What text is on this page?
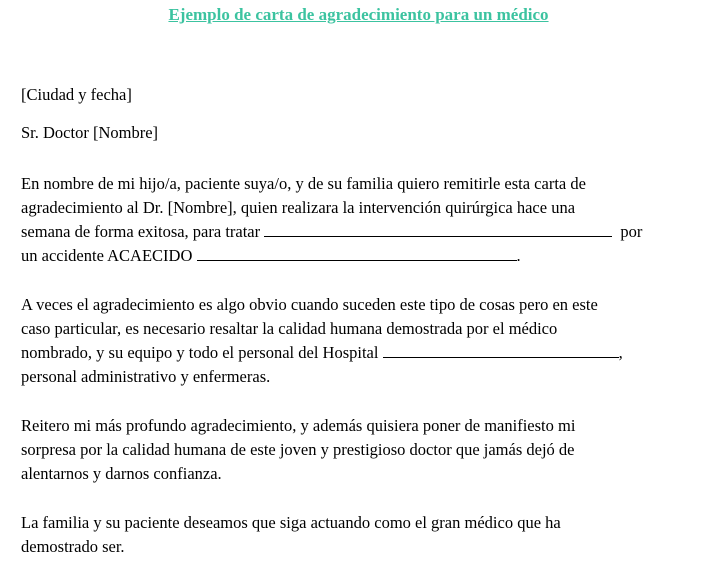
Ejemplo de carta de agradecimiento para un médico
[Ciudad y fecha]
Sr. Doctor [Nombre]
En nombre de mi hijo/a, paciente suya/o, y de su familia quiero remitirle esta carta de
agradecimiento al Dr. [Nombre], quien realizara la intervención quirúrgica hace una
semana de forma exitosa, para tratar	por
un accidente ACAECIDO	.
A veces el agradecimiento es algo obvio cuando suceden este tipo de cosas pero en este
caso particular, es necesario resaltar la calidad humana demostrada por el médico
nombrado, y su equipo y todo el personal del Hospital	,
personal administrativo y enfermeras.
Reitero mi más profundo agradecimiento, y además quisiera poner de manifiesto mi
sorpresa por la calidad humana de este joven y prestigioso doctor que jamás dejó de
alentarnos y darnos confianza.
La familia y su paciente deseamos que siga actuando como el gran médico que ha
demostrado ser.
